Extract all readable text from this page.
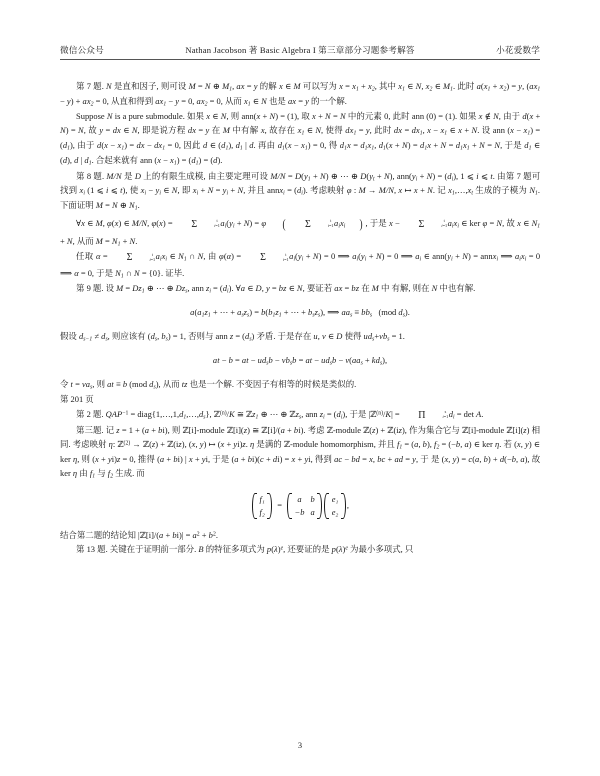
微信公众号	Nathan Jacobson 著 Basic Algebra I 第三章部分习题参考解答	小花爱数学

第 7 题. N 是直和因子, 则可设 M = N ⊕ $M_1$, ax = y 的解 x ∈ M 可以写为 $x = x_1 + x_2$, 其中 $x_1$ ∈ N, $x_2$ ∈ $M_1$. 此时 $a(x_1 + x_2) = y$, $(ax_1 - y) + ax_2 = 0$, 从直和得到 $ax_1 - y = 0$, $ax_2 = 0$, 从而 $x_1$ ∈ N 也是 ax = y 的一个解.

Suppose N is a pure submodule. 如果 x ∈ N, 则 ann(x + N) = (1), 取 x + N = N 中的元素 0, 此时 ann (0) = (1). 如果 x ∉ N, 由于 d(x + N) = N, 故 y = dx ∈ N, 即是说方程 dx = y 在 M 中有解 x, 故存在 $x_1$ ∈ N, 使得 $dx_1 = y$, 此时 dx = $dx_1$, $x - x_1$ ∈ x + N. 设 ann $(x - x_1) = (d_1)$, 由于 $d(x - x_1)$ = dx − $dx_1 = 0$, 因此 d ∈ $(d_1)$, $d_1$ | d. 再由 $d_1(x - x_1) = 0$, 得 $d_1x = d_1x_1$, $d_1(x + N) = d_1x + N = d_1x_1 + N = N$, 于是 $d_1$ ∈ (d), d | $d_1$. 合起来就有 ann $(x - x_1) = (d_1) = (d)$.

第 8 题. M/N 是 D 上的有限生成模, 由主要定理可设 $M/N = D(y_1 + N)$ ⊕ ⋯ ⊕ $D(y_t + N)$, $ann(y_i + N) = (d_i)$, 1 ⩽ i ⩽ t. 由第 7 题可找到 $x_i$ (1 ⩽ i ⩽ t), 使 $x_i - y_i$ ∈ N, 即 $x_i + N = y_i + N$, 并且 annx$_i$ = $(d_i)$. 考虑映射 φ : M → M/N, x ↦ x + N. 记 $x_1,\dots,x_t$ 生成的子模为 $N_1$. 下面证明 M = N ⊕ $N_1$.

∀x ∈ M, φ(x) ∈ M/N, φ(x) = Σ	t
i=1 $a_i(y_i + N) = \varphi$ ( Σ	t
i=1 $a_ix_i$ ) , 于是 x − Σ	t
i=1 $a_ix_i$ ∈ ker φ = N, 故 x ∈ $N_1 + N$, 从而 $M = N_1 + N$.

任取 α = Σ	t
i=1 $a_ix_i$ ∈ $N_1$ ∩ N, 由 φ(α) = Σ	t
i=1 $a_i(y_i + N) = 0$ ⟹ $a_i(y_i + N) = 0$ ⟹ $a_i$ ∈ $ann(y_i + N)$ = annx$_i$ ⟹ $a_ix_i = 0$ ⟹ α = 0, 于是 $N_1$ ∩ N = {0}. 证毕.

第 9 题. 设 $M = Dz_1$ ⊕ ⋯ ⊕ $Dz_s$, ann $z_i = (d_i)$. ∀a ∈ D, y = bz ∈ N, 要证若 ax = bz 在 M 中 有解, 则在 N 中也有解.

$a(a_1z_1$ + ⋯ + $a_sz_s) = b(b_1z_1$ + ⋯ + $b_sz_s$), ⟹ $aa_s \equiv bb_s$ (mod $d_s$).

假设 $d_{s-1} \ne d_s$, 则应该有 ($d_s$, $b_s) = 1$, 否则与 ann $z = (d_s)$ 矛盾. 于是存在 u, v ∈ D 使得 $ud_s+vb_s = 1$.

at − b = at − $ud_sb - vb_sb$ = at − $ud_sb - v(aa_s + kd_s)$,

令 $t = va_s$, 则 at ≡ b (mod $d_s$), 从而 tz 也是一个解. 不变因子有相等的时候是类似的.

第 201 页

第 2 题. $QAP^{-1}$ = $diag\{1,\dots,1,d_1,\dots,d_s\}$, ℤ$^{(n)}$/K ≅ ℤz$_1$ ⊕ ⋯ ⊕ ℤz$_s$, ann $z_i = (d_i)$, 于是 |ℤ$^{(n)}$/K| = Π	s
i=1 $d_i = \det A$.

第三题. 记 z = 1 + (a + bi), 则 ℤ[i]-module ℤ[i](z) ≅ ℤ[i]/(a + bi). 考虑 ℤ-module ℤ(z) + ℤ(iz), 作为集合它与 ℤ[i]-module ℤ[i](z) 相同. 考虑映射 η: ℤ$^{(2)}$ → ℤ(z) + ℤ(iz), (x, y) ↦ (x + yi)z. η 是满的 ℤ-module homomorphism, 并且 $f_1 = (a$, b), $f_2 = (-b$, a) ∈ ker η. 若 (x, y) ∈ ker η, 则 (x + yi)z = 0, 推得 (a + bi) | x + yi, 于是 (a + bi)(c + di) = x + yi, 得到 ac − bd = x, bc + ad = y, 于 是 (x, y) = c(a, b) + d(−b, a), 故 ker η 由 $f_1$ 与 $f_2$ 生成. 而

f₁
f₂
=
a	b
−b	a
e₁
e₂
,

结合第二题的结论知 |ℤ[i]/(a + $bi)| = a^2 + b^2$.

第 13 题. 关键在于证明前一部分. B 的特征多项式为 $p(\lambda)^e$, 还要证的是 $p(\lambda)^e$ 为最小多项式, 只

3
